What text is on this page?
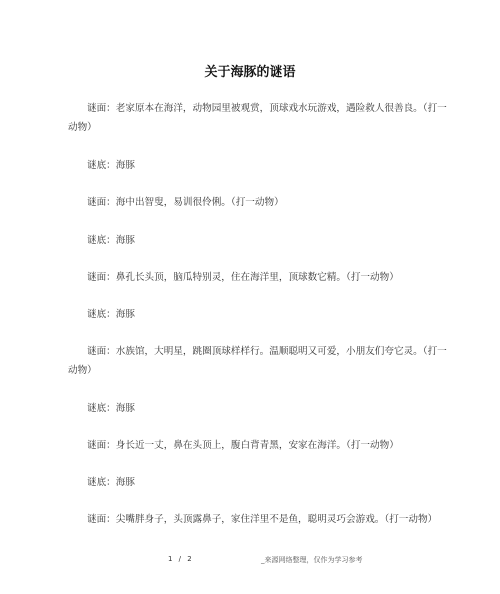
关于海豚的谜语
谜面：老家原本在海洋，动物园里被观赏，顶球戏水玩游戏，遇险救人很善良。（打一动物）
谜底：海豚
谜面：海中出智叟，易训很伶俐。（打一动物）
谜底：海豚
谜面：鼻孔长头顶，脑瓜特别灵，住在海洋里，顶球数它精。（打一动物）
谜底：海豚
谜面：水族馆，大明星，跳圈顶球样样行。温顺聪明又可爱，小朋友们夸它灵。（打一动物）
谜底：海豚
谜面：身长近一丈，鼻在头顶上，腹白背青黑，安家在海洋。（打一动物）
谜底：海豚
谜面：尖嘴胖身子，头顶露鼻子，家住洋里不是鱼，聪明灵巧会游戏。（打一动物）
1 / 2	_来源网络整理，仅作为学习参考
